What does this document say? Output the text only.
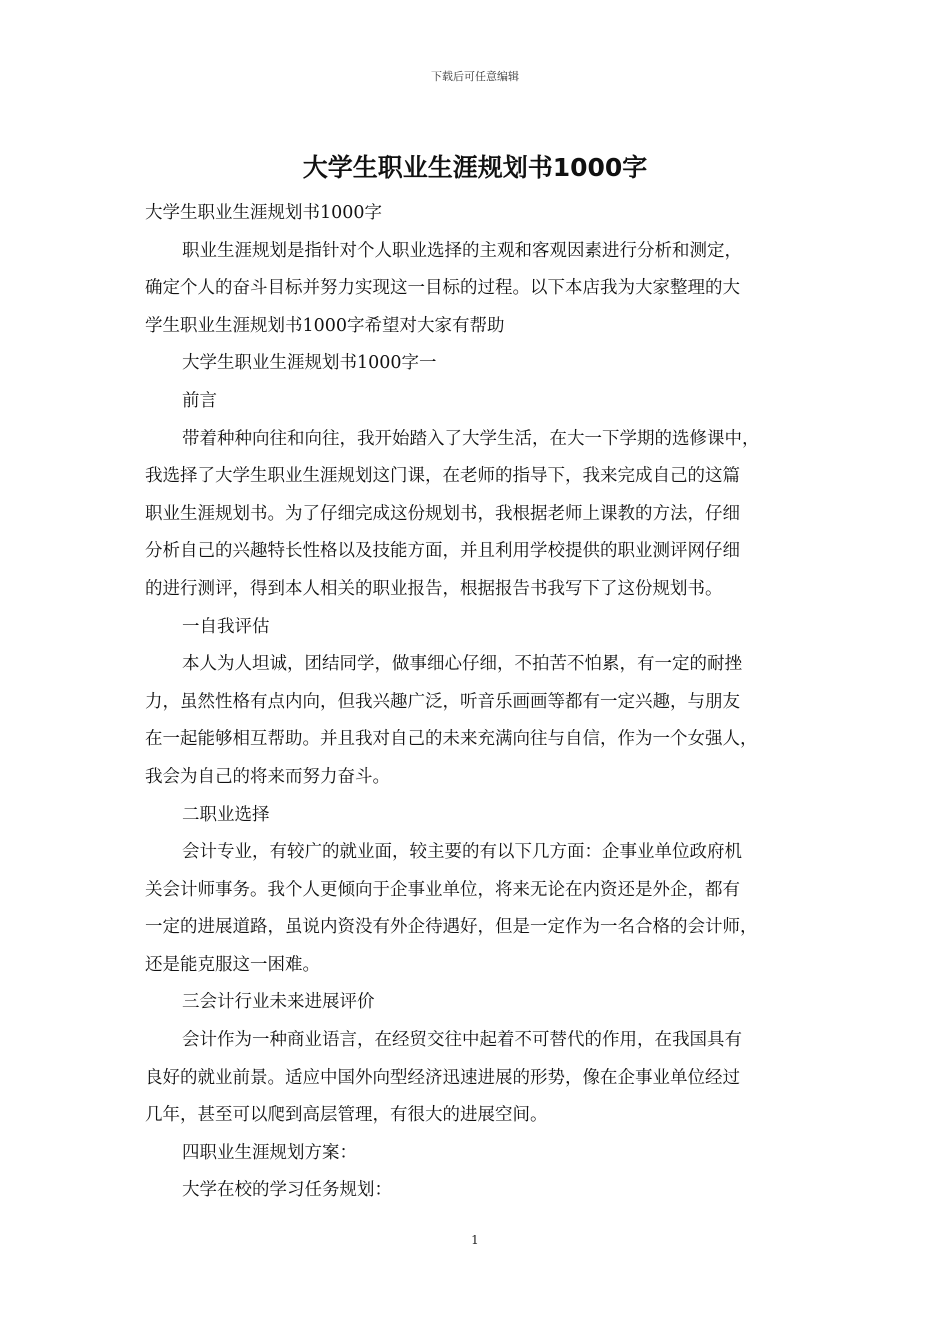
下载后可任意编辑
大学生职业生涯规划书1000字

大学生职业生涯规划书1000字

职业生涯规划是指针对个人职业选择的主观和客观因素进行分析和测定，

确定个人的奋斗目标并努力实现这一目标的过程。以下本店我为大家整理的大

学生职业生涯规划书1000字希望对大家有帮助

大学生职业生涯规划书1000字一

前言

带着种种向往和向往，我开始踏入了大学生活，在大一下学期的选修课中，

我选择了大学生职业生涯规划这门课，在老师的指导下，我来完成自己的这篇

职业生涯规划书。为了仔细完成这份规划书，我根据老师上课教的方法，仔细

分析自己的兴趣特长性格以及技能方面，并且利用学校提供的职业测评网仔细

的进行测评，得到本人相关的职业报告，根据报告书我写下了这份规划书。

一自我评估

本人为人坦诚，团结同学，做事细心仔细，不拍苦不怕累，有一定的耐挫

力，虽然性格有点内向，但我兴趣广泛，听音乐画画等都有一定兴趣，与朋友

在一起能够相互帮助。并且我对自己的未来充满向往与自信，作为一个女强人，

我会为自己的将来而努力奋斗。

二职业选择

会计专业，有较广的就业面，较主要的有以下几方面：企事业单位政府机

关会计师事务。我个人更倾向于企事业单位，将来无论在内资还是外企，都有

一定的进展道路，虽说内资没有外企待遇好，但是一定作为一名合格的会计师，

还是能克服这一困难。

三会计行业未来进展评价

会计作为一种商业语言，在经贸交往中起着不可替代的作用，在我国具有

良好的就业前景。适应中国外向型经济迅速进展的形势，像在企事业单位经过

几年，甚至可以爬到高层管理，有很大的进展空间。

四职业生涯规划方案：

大学在校的学习任务规划：

1
